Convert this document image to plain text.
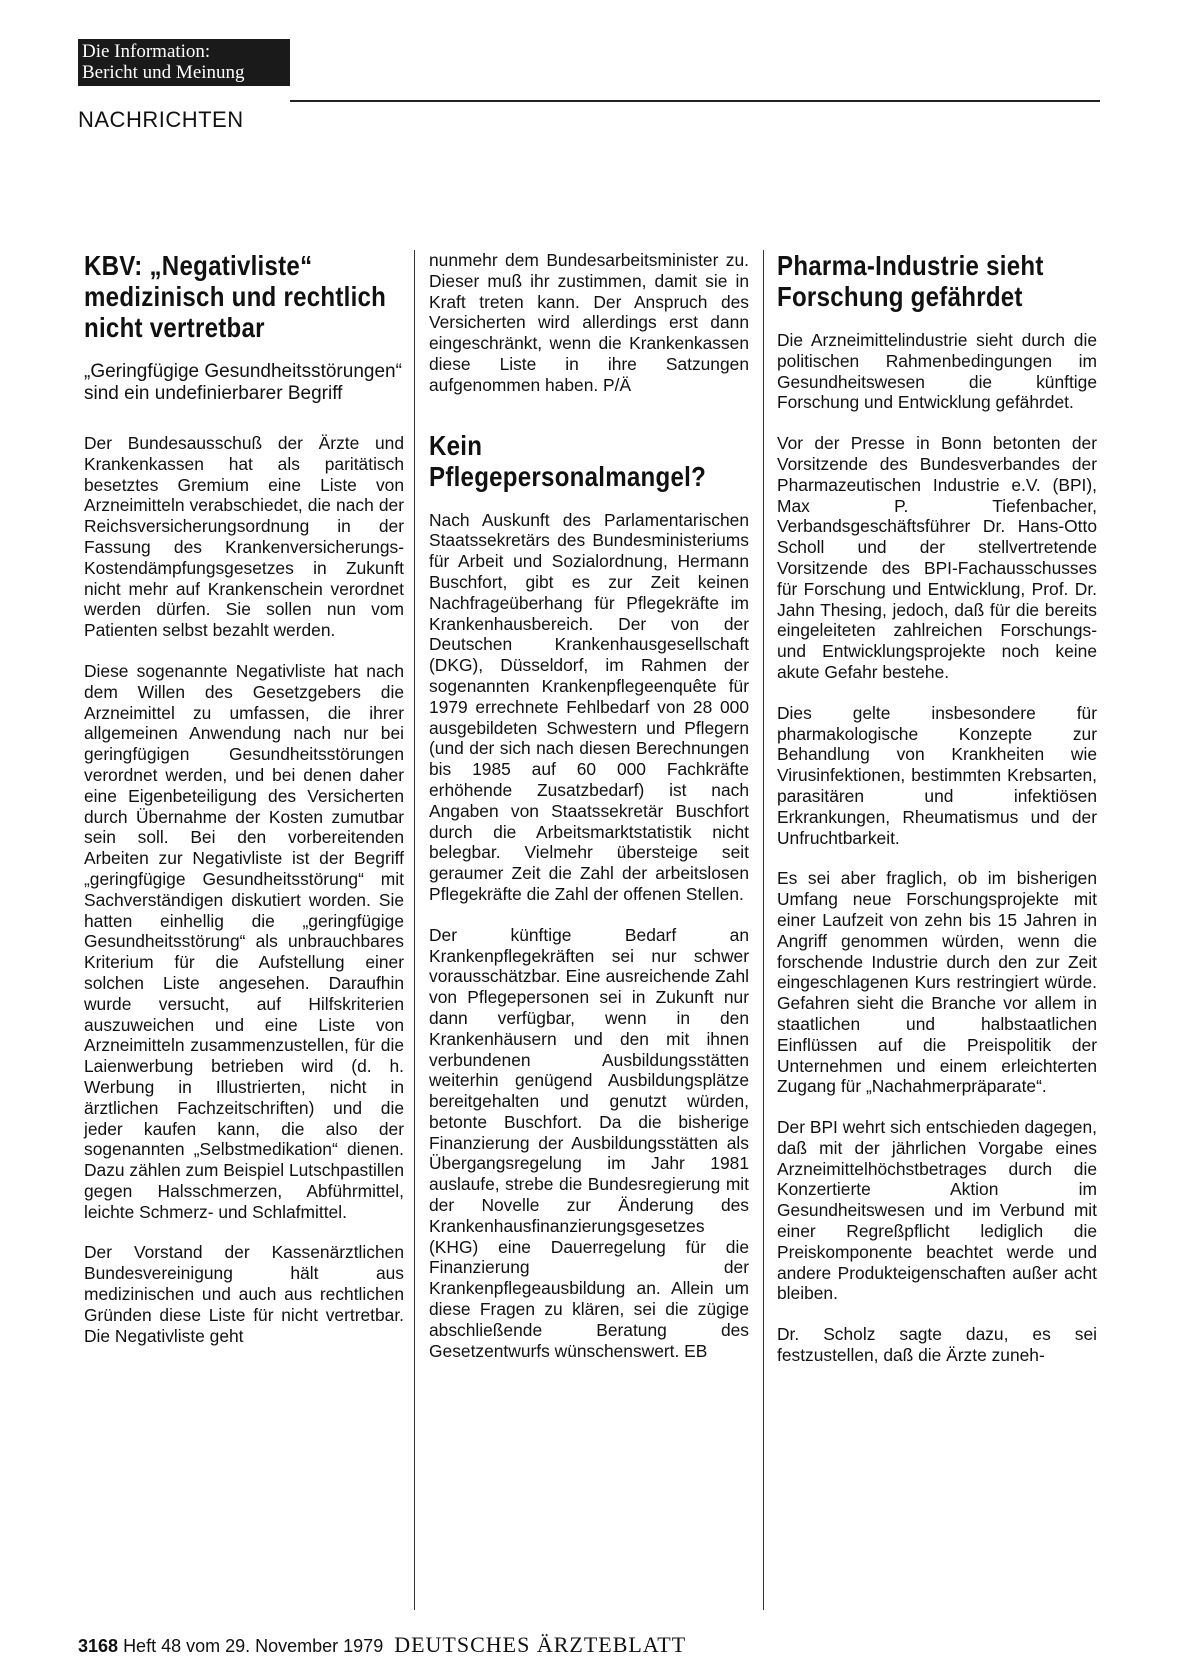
Die Information:
Bericht und Meinung
NACHRICHTEN
KBV: „Negativliste“ medizinisch und rechtlich nicht vertretbar
„Geringfügige Gesundheitsstörungen“ sind ein undefinierbarer Begriff

Der Bundesausschuß der Ärzte und Krankenkassen hat als paritätisch besetztes Gremium eine Liste von Arzneimitteln verabschiedet, die nach der Reichsversicherungsordnung in der Fassung des Krankenversicherungs-Kostendämpfungsgesetzes in Zukunft nicht mehr auf Krankenschein verordnet werden dürfen. Sie sollen nun vom Patienten selbst bezahlt werden.

Diese sogenannte Negativliste hat nach dem Willen des Gesetzgebers die Arzneimittel zu umfassen, die ihrer allgemeinen Anwendung nach nur bei geringfügigen Gesundheitsstörungen verordnet werden, und bei denen daher eine Eigenbeteiligung des Versicherten durch Übernahme der Kosten zumutbar sein soll. Bei den vorbereitenden Arbeiten zur Negativliste ist der Begriff „geringfügige Gesundheitsstörung“ mit Sachverständigen diskutiert worden. Sie hatten einhellig die „geringfügige Gesundheitsstörung“ als unbrauchbares Kriterium für die Aufstellung einer solchen Liste angesehen. Daraufhin wurde versucht, auf Hilfskriterien auszuweichen und eine Liste von Arzneimitteln zusammenzustellen, für die Laienwerbung betrieben wird (d. h. Werbung in Illustrierten, nicht in ärztlichen Fachzeitschriften) und die jeder kaufen kann, die also der sogenannten „Selbstmedikation“ dienen. Dazu zählen zum Beispiel Lutschpastillen gegen Halsschmerzen, Abführmittel, leichte Schmerz- und Schlafmittel.

Der Vorstand der Kassenärztlichen Bundesvereinigung hält aus medizinischen und auch aus rechtlichen Gründen diese Liste für nicht vertretbar. Die Negativliste geht

nunmehr dem Bundesarbeitsminister zu. Dieser muß ihr zustimmen, damit sie in Kraft treten kann. Der Anspruch des Versicherten wird allerdings erst dann eingeschränkt, wenn die Krankenkassen diese Liste in ihre Satzungen aufgenommen haben. P/Ä

Kein Pflegepersonalmangel?

Nach Auskunft des Parlamentarischen Staatssekretärs des Bundesministeriums für Arbeit und Sozialordnung, Hermann Buschfort, gibt es zur Zeit keinen Nachfrageüberhang für Pflegekräfte im Krankenhausbereich. Der von der Deutschen Krankenhausgesellschaft (DKG), Düsseldorf, im Rahmen der sogenannten Krankenpflegeenquête für 1979 errechnete Fehlbedarf von 28 000 ausgebildeten Schwestern und Pflegern (und der sich nach diesen Berechnungen bis 1985 auf 60 000 Fachkräfte erhöhende Zusatzbedarf) ist nach Angaben von Staatssekretär Buschfort durch die Arbeitsmarktstatistik nicht belegbar. Vielmehr übersteige seit geraumer Zeit die Zahl der arbeitslosen Pflegekräfte die Zahl der offenen Stellen.

Der künftige Bedarf an Krankenpflegekräften sei nur schwer vorausschätzbar. Eine ausreichende Zahl von Pflegepersonen sei in Zukunft nur dann verfügbar, wenn in den Krankenhäusern und den mit ihnen verbundenen Ausbildungsstätten weiterhin genügend Ausbildungsplätze bereitgehalten und genutzt würden, betonte Buschfort. Da die bisherige Finanzierung der Ausbildungsstätten als Übergangsregelung im Jahr 1981 auslaufe, strebe die Bundesregierung mit der Novelle zur Änderung des Krankenhausfinanzierungsgesetzes (KHG) eine Dauerregelung für die Finanzierung der Krankenpflegeausbildung an. Allein um diese Fragen zu klären, sei die zügige abschließende Beratung des Gesetzentwurfs wünschenswert. EB

Pharma-Industrie sieht Forschung gefährdet
Die Arzneimittelindustrie sieht durch die politischen Rahmenbedingungen im Gesundheitswesen die künftige Forschung und Entwicklung gefährdet.

Vor der Presse in Bonn betonten der Vorsitzende des Bundesverbandes der Pharmazeutischen Industrie e.V. (BPI), Max P. Tiefenbacher, Verbandsgeschäftsführer Dr. Hans-Otto Scholl und der stellvertretende Vorsitzende des BPI-Fachausschusses für Forschung und Entwicklung, Prof. Dr. Jahn Thesing, jedoch, daß für die bereits eingeleiteten zahlreichen Forschungs- und Entwicklungsprojekte noch keine akute Gefahr bestehe.

Dies gelte insbesondere für pharmakologische Konzepte zur Behandlung von Krankheiten wie Virusinfektionen, bestimmten Krebsarten, parasitären und infektiösen Erkrankungen, Rheumatismus und der Unfruchtbarkeit.

Es sei aber fraglich, ob im bisherigen Umfang neue Forschungsprojekte mit einer Laufzeit von zehn bis 15 Jahren in Angriff genommen würden, wenn die forschende Industrie durch den zur Zeit eingeschlagenen Kurs restringiert würde. Gefahren sieht die Branche vor allem in staatlichen und halbstaatlichen Einflüssen auf die Preispolitik der Unternehmen und einem erleichterten Zugang für „Nachahmerpräparate“.

Der BPI wehrt sich entschieden dagegen, daß mit der jährlichen Vorgabe eines Arzneimittelhöchstbetrages durch die Konzertierte Aktion im Gesundheitswesen und im Verbund mit einer Regreßpflicht lediglich die Preiskomponente beachtet werde und andere Produkteigenschaften außer acht bleiben.

Dr. Scholz sagte dazu, es sei festzustellen, daß die Ärzte zuneh-

3168 Heft 48 vom 29. November 1979 DEUTSCHES ÄRZTEBLATT
